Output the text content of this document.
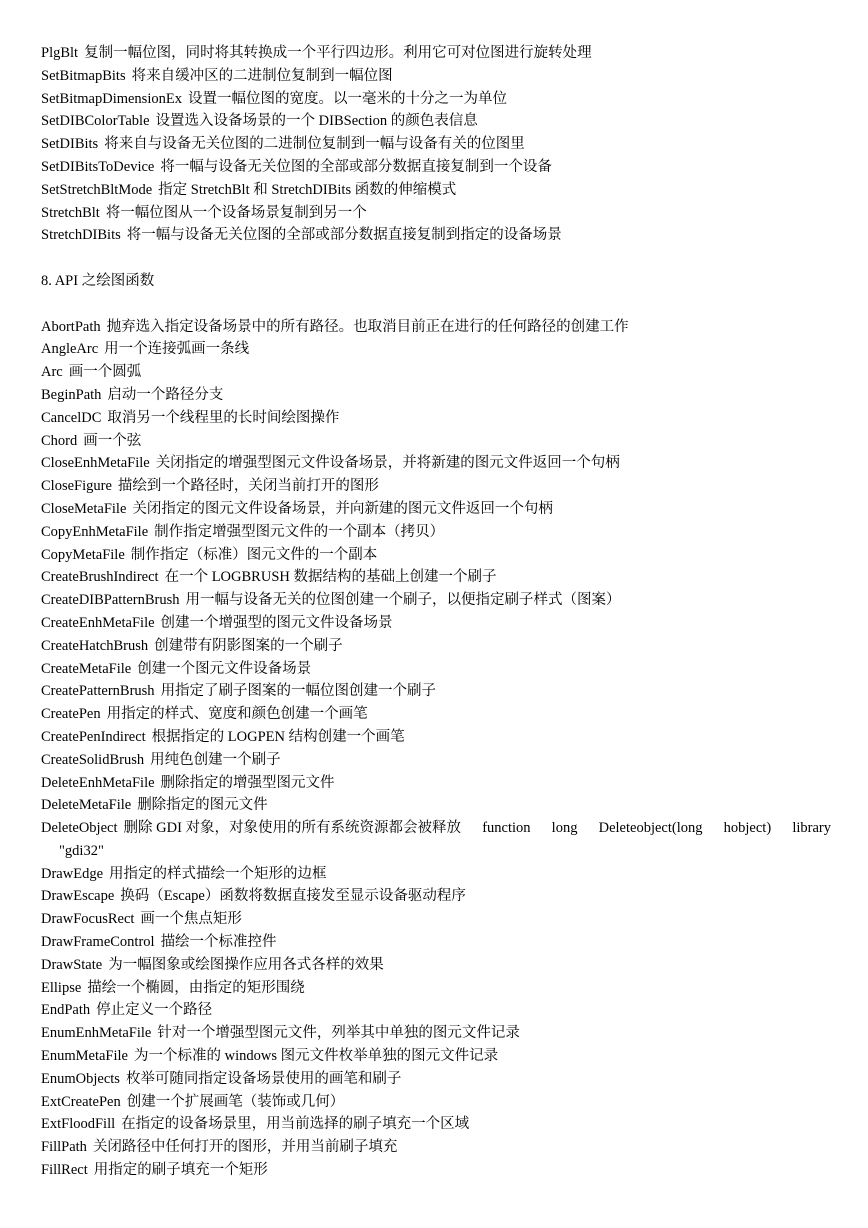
PlgBlt 复制一幅位图，同时将其转换成一个平行四边形。利用它可对位图进行旋转处理
SetBitmapBits 将来自缓冲区的二进制位复制到一幅位图
SetBitmapDimensionEx 设置一幅位图的宽度。以一毫米的十分之一为单位
SetDIBColorTable 设置选入设备场景的一个 DIBSection 的颜色表信息
SetDIBits 将来自与设备无关位图的二进制位复制到一幅与设备有关的位图里
SetDIBitsToDevice 将一幅与设备无关位图的全部或部分数据直接复制到一个设备
SetStretchBltMode 指定 StretchBlt 和 StretchDIBits 函数的伸缩模式
StretchBlt 将一幅位图从一个设备场景复制到另一个
StretchDIBits 将一幅与设备无关位图的全部或部分数据直接复制到指定的设备场景
8. API 之绘图函数
AbortPath 抛弃选入指定设备场景中的所有路径。也取消目前正在进行的任何路径的创建工作
AngleArc 用一个连接弧画一条线
Arc 画一个圆弧
BeginPath 启动一个路径分支
CancelDC 取消另一个线程里的长时间绘图操作
Chord 画一个弦
CloseEnhMetaFile 关闭指定的增强型图元文件设备场景，并将新建的图元文件返回一个句柄
CloseFigure 描绘到一个路径时，关闭当前打开的图形
CloseMetaFile 关闭指定的图元文件设备场景，并向新建的图元文件返回一个句柄
CopyEnhMetaFile 制作指定增强型图元文件的一个副本（拷贝）
CopyMetaFile 制作指定（标准）图元文件的一个副本
CreateBrushIndirect 在一个 LOGBRUSH 数据结构的基础上创建一个刷子
CreateDIBPatternBrush 用一幅与设备无关的位图创建一个刷子，以便指定刷子样式（图案）
CreateEnhMetaFile 创建一个增强型的图元文件设备场景
CreateHatchBrush 创建带有阴影图案的一个刷子
CreateMetaFile 创建一个图元文件设备场景
CreatePatternBrush 用指定了刷子图案的一幅位图创建一个刷子
CreatePen 用指定的样式、宽度和颜色创建一个画笔
CreatePenIndirect 根据指定的 LOGPEN 结构创建一个画笔
CreateSolidBrush 用纯色创建一个刷子
DeleteEnhMetaFile 删除指定的增强型图元文件
DeleteMetaFile 删除指定的图元文件
DeleteObject 删除 GDI 对象，对象使用的所有系统资源都会被释放 function long Deleteobject(long hobject) library
"gdi32"
DrawEdge 用指定的样式描绘一个矩形的边框
DrawEscape 换码（Escape）函数将数据直接发至显示设备驱动程序
DrawFocusRect 画一个焦点矩形
DrawFrameControl 描绘一个标准控件
DrawState 为一幅图象或绘图操作应用各式各样的效果
Ellipse 描绘一个椭圆，由指定的矩形围绕
EndPath 停止定义一个路径
EnumEnhMetaFile 针对一个增强型图元文件，列举其中单独的图元文件记录
EnumMetaFile 为一个标准的 windows 图元文件枚举单独的图元文件记录
EnumObjects 枚举可随同指定设备场景使用的画笔和刷子
ExtCreatePen 创建一个扩展画笔（装饰或几何）
ExtFloodFill 在指定的设备场景里，用当前选择的刷子填充一个区域
FillPath 关闭路径中任何打开的图形，并用当前刷子填充
FillRect 用指定的刷子填充一个矩形
